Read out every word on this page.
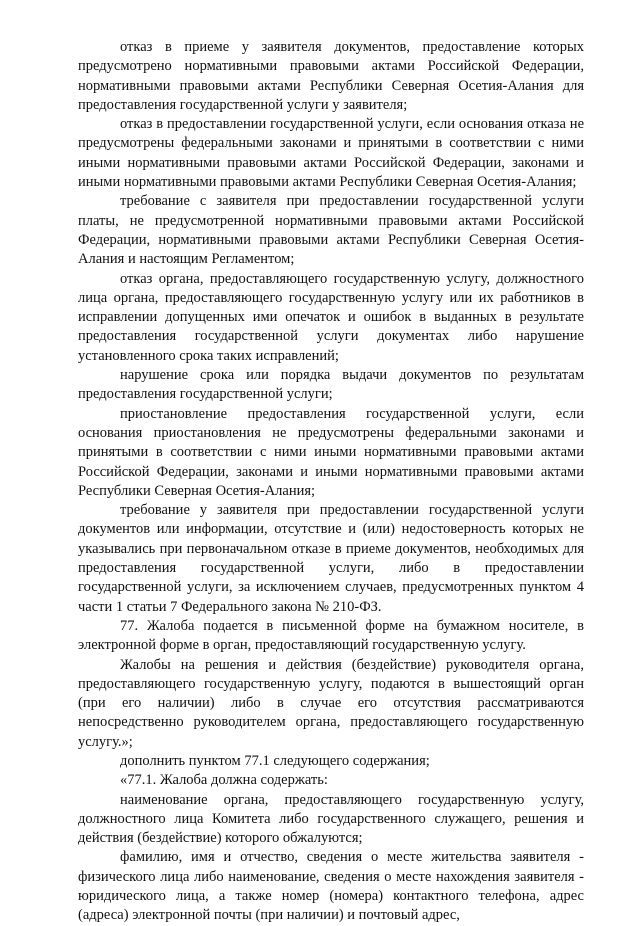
отказ в приеме у заявителя документов, предоставление которых предусмотрено нормативными правовыми актами Российской Федерации, нормативными правовыми актами Республики Северная Осетия-Алания для предоставления государственной услуги у заявителя;

отказ в предоставлении государственной услуги, если основания отказа не предусмотрены федеральными законами и принятыми в соответствии с ними иными нормативными правовыми актами Российской Федерации, законами и иными нормативными правовыми актами Республики Северная Осетия-Алания;

требование с заявителя при предоставлении государственной услуги платы, не предусмотренной нормативными правовыми актами Российской Федерации, нормативными правовыми актами Республики Северная Осетия-Алания и настоящим Регламентом;

отказ органа, предоставляющего государственную услугу, должностного лица органа, предоставляющего государственную услугу или их работников в исправлении допущенных ими опечаток и ошибок в выданных в результате предоставления государственной услуги документах либо нарушение установленного срока таких исправлений;

нарушение срока или порядка выдачи документов по результатам предоставления государственной услуги;

приостановление предоставления государственной услуги, если основания приостановления не предусмотрены федеральными законами и принятыми в соответствии с ними иными нормативными правовыми актами Российской Федерации, законами и иными нормативными правовыми актами Республики Северная Осетия-Алания;

требование у заявителя при предоставлении государственной услуги документов или информации, отсутствие и (или) недостоверность которых не указывались при первоначальном отказе в приеме документов, необходимых для предоставления государственной услуги, либо в предоставлении государственной услуги, за исключением случаев, предусмотренных пунктом 4 части 1 статьи 7 Федерального закона № 210-ФЗ.

77. Жалоба подается в письменной форме на бумажном носителе, в электронной форме в орган, предоставляющий государственную услугу.

Жалобы на решения и действия (бездействие) руководителя органа, предоставляющего государственную услугу, подаются в вышестоящий орган (при его наличии) либо в случае его отсутствия рассматриваются непосредственно руководителем органа, предоставляющего государственную услугу.»;

дополнить пунктом 77.1 следующего содержания;

«77.1. Жалоба должна содержать:

наименование органа, предоставляющего государственную услугу, должностного лица Комитета либо государственного служащего, решения и действия (бездействие) которого обжалуются;

фамилию, имя и отчество, сведения о месте жительства заявителя - физического лица либо наименование, сведения о месте нахождения заявителя - юридического лица, а также номер (номера) контактного телефона, адрес (адреса) электронной почты (при наличии) и почтовый адрес,
